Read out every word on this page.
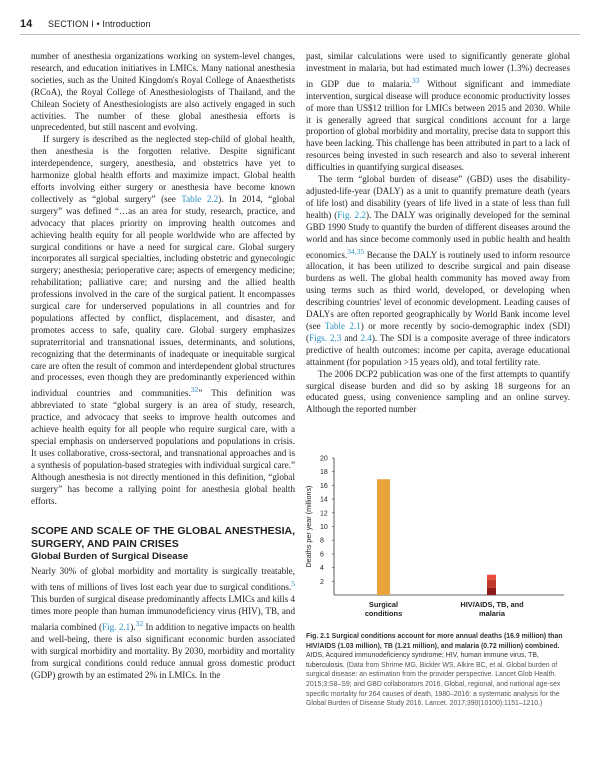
14 SECTION I • Introduction

number of anesthesia organizations working on system-level changes, research, and education initiatives in LMICs. Many national anesthesia societies, such as the United Kingdom's Royal College of Anaesthetists (RCoA), the Royal College of Anesthesiologists of Thailand, and the Chilean Society of Anesthesiologists are also actively engaged in such activities. The number of these global anesthesia efforts is unprecedented, but still nascent and evolving.

If surgery is described as the neglected step-child of global health, then anesthesia is the forgotten relative. Despite significant interdependence, surgery, anesthesia, and obstetrics have yet to harmonize global health efforts and maximize impact. Global health efforts involving either surgery or anesthesia have become known collectively as “global surgery” (see Table 2.2). In 2014, “global surgery” was defined “…as an area for study, research, practice, and advocacy that places priority on improving health outcomes and achieving health equity for all people worldwide who are affected by surgical conditions or have a need for surgical care. Global surgery incorporates all surgical specialties, including obstetric and gynecologic surgery; anesthesia; perioperative care; aspects of emergency medicine; rehabilitation; palliative care; and nursing and the allied health professions involved in the care of the surgical patient. It encompasses surgical care for underserved populations in all countries and for populations affected by conflict, displacement, and disaster, and promotes access to safe, quality care. Global surgery emphasizes supraterritorial and transnational issues, determinants, and solutions, recognizing that the determinants of inadequate or inequitable surgical care are often the result of common and interdependent global structures and processes, even though they are predominantly experienced within individual countries and communities.$^{32}$” This definition was abbreviated to state “global surgery is an area of study, research, practice, and advocacy that seeks to improve health outcomes and achieve health equity for all people who require surgical care, with a special emphasis on underserved populations and populations in crisis. It uses collaborative, cross-sectoral, and transnational approaches and is a synthesis of population-based strategies with individual surgical care.” Although anesthesia is not directly mentioned in this definition, “global surgery” has become a rallying point for anesthesia global health efforts.

SCOPE AND SCALE OF THE GLOBAL ANESTHESIA, SURGERY, AND PAIN CRISES
Global Burden of Surgical Disease

Nearly 30% of global morbidity and mortality is surgically treatable, with tens of millions of lives lost each year due to surgical conditions.$^5$ This burden of surgical disease predominantly affects LMICs and kills 4 times more people than human immunodeficiency virus (HIV), TB, and malaria combined (Fig. 2.1).$^{32}$ In addition to negative impacts on health and well-being, there is also significant economic burden associated with surgical morbidity and mortality. By 2030, morbidity and mortality from surgical conditions could reduce annual gross domestic product (GDP) growth by an estimated 2% in LMICs. In the

past, similar calculations were used to significantly generate global investment in malaria, but had estimated much lower (1.3%) decreases in GDP due to malaria.$^{33}$ Without significant and immediate intervention, surgical disease will produce economic productivity losses of more than US$12 trillion for LMICs between 2015 and 2030. While it is generally agreed that surgical conditions account for a large proportion of global morbidity and mortality, precise data to support this have been lacking. This challenge has been attributed in part to a lack of resources being invested in such research and also to several inherent difficulties in quantifying surgical diseases.

The term “global burden of disease” (GBD) uses the disability-adjusted-life-year (DALY) as a unit to quantify premature death (years of life lost) and disability (years of life lived in a state of less than full health) (Fig. 2.2). The DALY was originally developed for the seminal GBD 1990 Study to quantify the burden of different diseases around the world and has since become commonly used in public health and health economics.$^{34,35}$ Because the DALY is routinely used to inform resource allocation, it has been utilized to describe surgical and pain disease burdens as well. The global health community has moved away from using terms such as third world, developed, or developing when describing countries' level of economic development. Leading causes of DALYs are often reported geographically by World Bank income level (see Table 2.1) or more recently by socio-demographic index (SDI) (Figs. 2.3 and 2.4). The SDI is a composite average of three indicators predictive of health outcomes: income per capita, average educational attainment (for population >15 years old), and total fertility rate.

The 2006 DCP2 publication was one of the first attempts to quantify surgical disease burden and did so by asking 18 surgeons for an educated guess, using convenience sampling and an online survey. Although the reported number

2
4
6
8
10
12
14
16
18
20
Deaths per year (millions)
Surgical
conditions
HIV/AIDS, TB, and
malaria
Fig. 2.1 Surgical conditions account for more annual deaths (16.9 million) than HIV/AIDS (1.03 million), TB (1.21 million), and malaria (0.72 million) combined. AIDS, Acquired immunodeficiency syndrome; HIV, human immune virus, TB, tuberculosis. (Data from Shrime MG, Bickler WS, Alkire BC, et al. Global burden of surgical disease: an estimation from the provider perspective. Lancet Glob Health. 2015;3:S8–S9; and GBD collaborators 2016. Global, regional, and national age-sex specific mortality for 264 causes of death, 1980–2016: a systematic analysis for the Global Burden of Disease Study 2016. Lancet. 2017;390(10100):1151–1210.)
